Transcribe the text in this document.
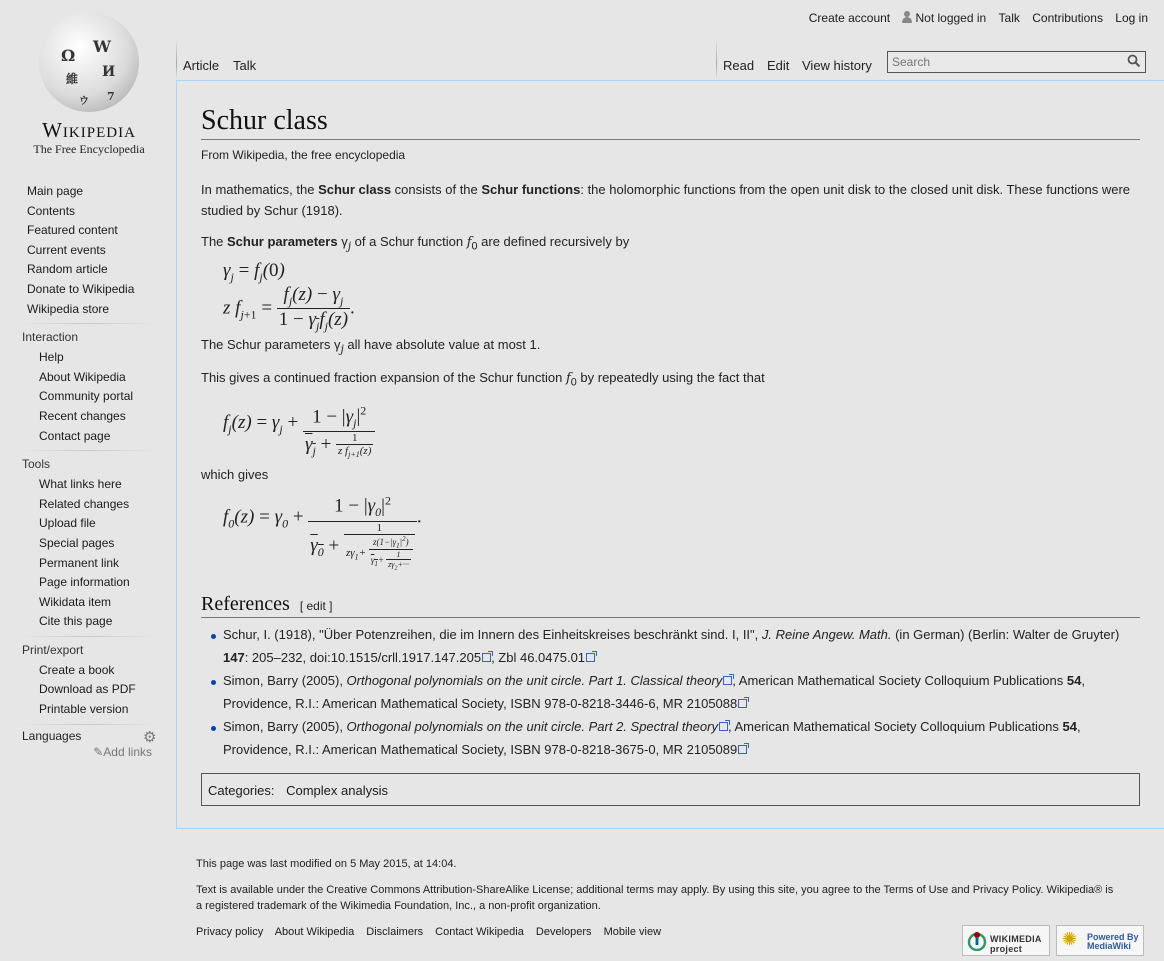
Ω W
И
維
7
ウ
Wikipedia
The Free Encyclopedia
Create account Not logged in Talk Contributions Log in
Article Talk	Read Edit View history
Search
Main page
Contents
Featured content
Current events
Random article
Donate to Wikipedia
Wikipedia store
Interaction
Help
About Wikipedia
Community portal
Recent changes
Contact page
Tools
What links here
Related changes
Upload file
Special pages
Permanent link
Page information
Wikidata item
Cite this page
Print/export
Create a book
Download as PDF
Printable version
Languages	⚙
✎Add links
Schur class
From Wikipedia, the free encyclopedia

In mathematics, the Schur class consists of the Schur functions: the holomorphic functions from the open unit disk to the closed unit disk. These functions were studied by Schur (1918).

The Schur parameters $\gamma_j$ of a Schur function $f_0$ are defined recursively by

$\gamma_j = f_j(0)$
z $f_{j+1} = \frac{f_j(z) - \gamma_j}{1 - \gamma_jf_j(z)}$ .

The Schur parameters $\gamma_j$ all have absolute value at most 1.

This gives a continued fraction expansion of the Schur function $f_0$ by repeatedly using the fact that

$f_j(z) = \gamma_j + \frac{1 - |\gamma_j|^2}{\gamma_j + \frac{1}{z f_{j+1}(z)}}$

which gives

$f_0(z) = \gamma_0 + \frac{1 - |\gamma_0|^2}{\gamma_0 + \frac{1}{z\gamma_1+ \frac{z(1-|\gamma_1|^2)}{\gamma_1+ \frac{1}{z\gamma_2+\cdot\cdot\cdot}}}}$ .
References [ edit ]
Schur, I. (1918), "Über Potenzreihen, die im Innern des Einheitskreises beschränkt sind. I, II", J. Reine Angew. Math. (in German) (Berlin: Walter de Gruyter) 147: 205–232, doi:10.1515/crll.1917.147.205 , Zbl 46.0475.01
Simon, Barry (2005), Orthogonal polynomials on the unit circle. Part 1. Classical theory , American Mathematical Society Colloquium Publications 54, Providence, R.I.: American Mathematical Society, ISBN 978-0-8218-3446-6, MR 2105088
Simon, Barry (2005), Orthogonal polynomials on the unit circle. Part 2. Spectral theory , American Mathematical Society Colloquium Publications 54, Providence, R.I.: American Mathematical Society, ISBN 978-0-8218-3675-0, MR 2105089
Categories: Complex analysis

This page was last modified on 5 May 2015, at 14:04.

Text is available under the Creative Commons Attribution-ShareAlike License; additional terms may apply. By using this site, you agree to the Terms of Use and Privacy Policy. Wikipedia® is a registered trademark of the Wikimedia Foundation, Inc., a non-profit organization.

Privacy policy About Wikipedia Disclaimers Contact Wikipedia Developers Mobile view
WIKIMEDIA project	✺ Powered By MediaWiki
